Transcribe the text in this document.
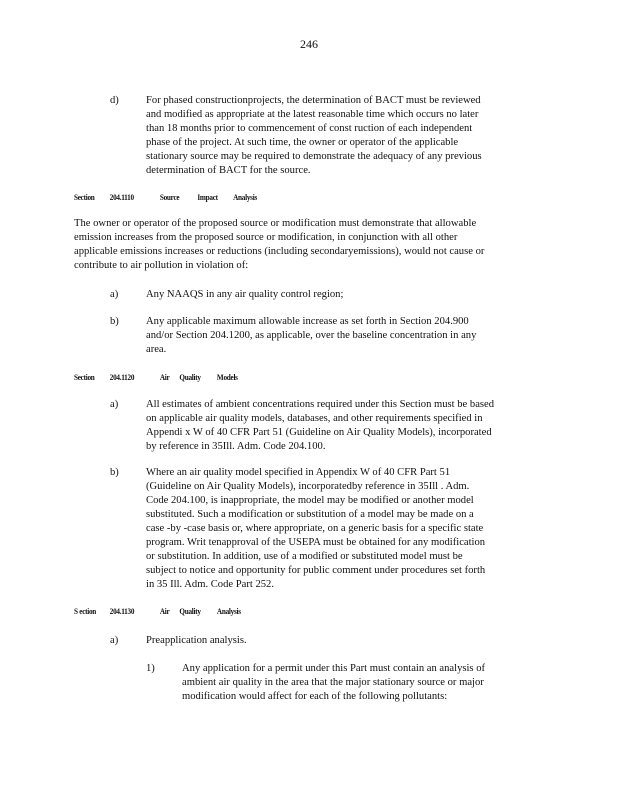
246
d)	For phased constructionprojects, the determination of BACT must be reviewed
and modified as appropriate at the latest reasonable time which occurs no later
than 18 months prior to commencement of const ruction of each independent
phase of the project. At such time, the owner or operator of the applicable
stationary source may be required to demonstrate the adequacy of any previous
determination of BACT for the source.
Section 204.1110	Source Impact Analysis
The owner or operator of the proposed source or modification must demonstrate that allowable
emission increases from the proposed source or modification, in conjunction with all other
applicable emissions increases or reductions (including secondaryemissions), would not cause or
contribute to air pollution in violation of:
a)	Any NAAQS in any air quality control region;
b)	Any applicable maximum allowable increase as set forth in Section 204.900
and/or Section 204.1200, as applicable, over the baseline concentration in any
area.
Section 204.1120	Air Quality Models
a)	All estimates of ambient concentrations required under this Section must be based
on applicable air quality models, databases, and other requirements specified in
Appendi x W of 40 CFR Part 51 (Guideline on Air Quality Models), incorporated
by reference in 35Ill. Adm. Code 204.100.
b)	Where an air quality model specified in Appendix W of 40 CFR Part 51
(Guideline on Air Quality Models), incorporatedby reference in 35Ill . Adm.
Code 204.100, is inappropriate, the model may be modified or another model
substituted. Such a modification or substitution of a model may be made on a
case -by -case basis or, where appropriate, on a generic basis for a specific state
program. Writ tenapproval of the USEPA must be obtained for any modification
or substitution. In addition, use of a modified or substituted model must be
subject to notice and opportunity for public comment under procedures set forth
in 35 Ill. Adm. Code Part 252.
S ection 204.1130	Air Quality Analysis
a)	Preapplication analysis.
1)	Any application for a permit under this Part must contain an analysis of
ambient air quality in the area that the major stationary source or major
modification would affect for each of the following pollutants:
